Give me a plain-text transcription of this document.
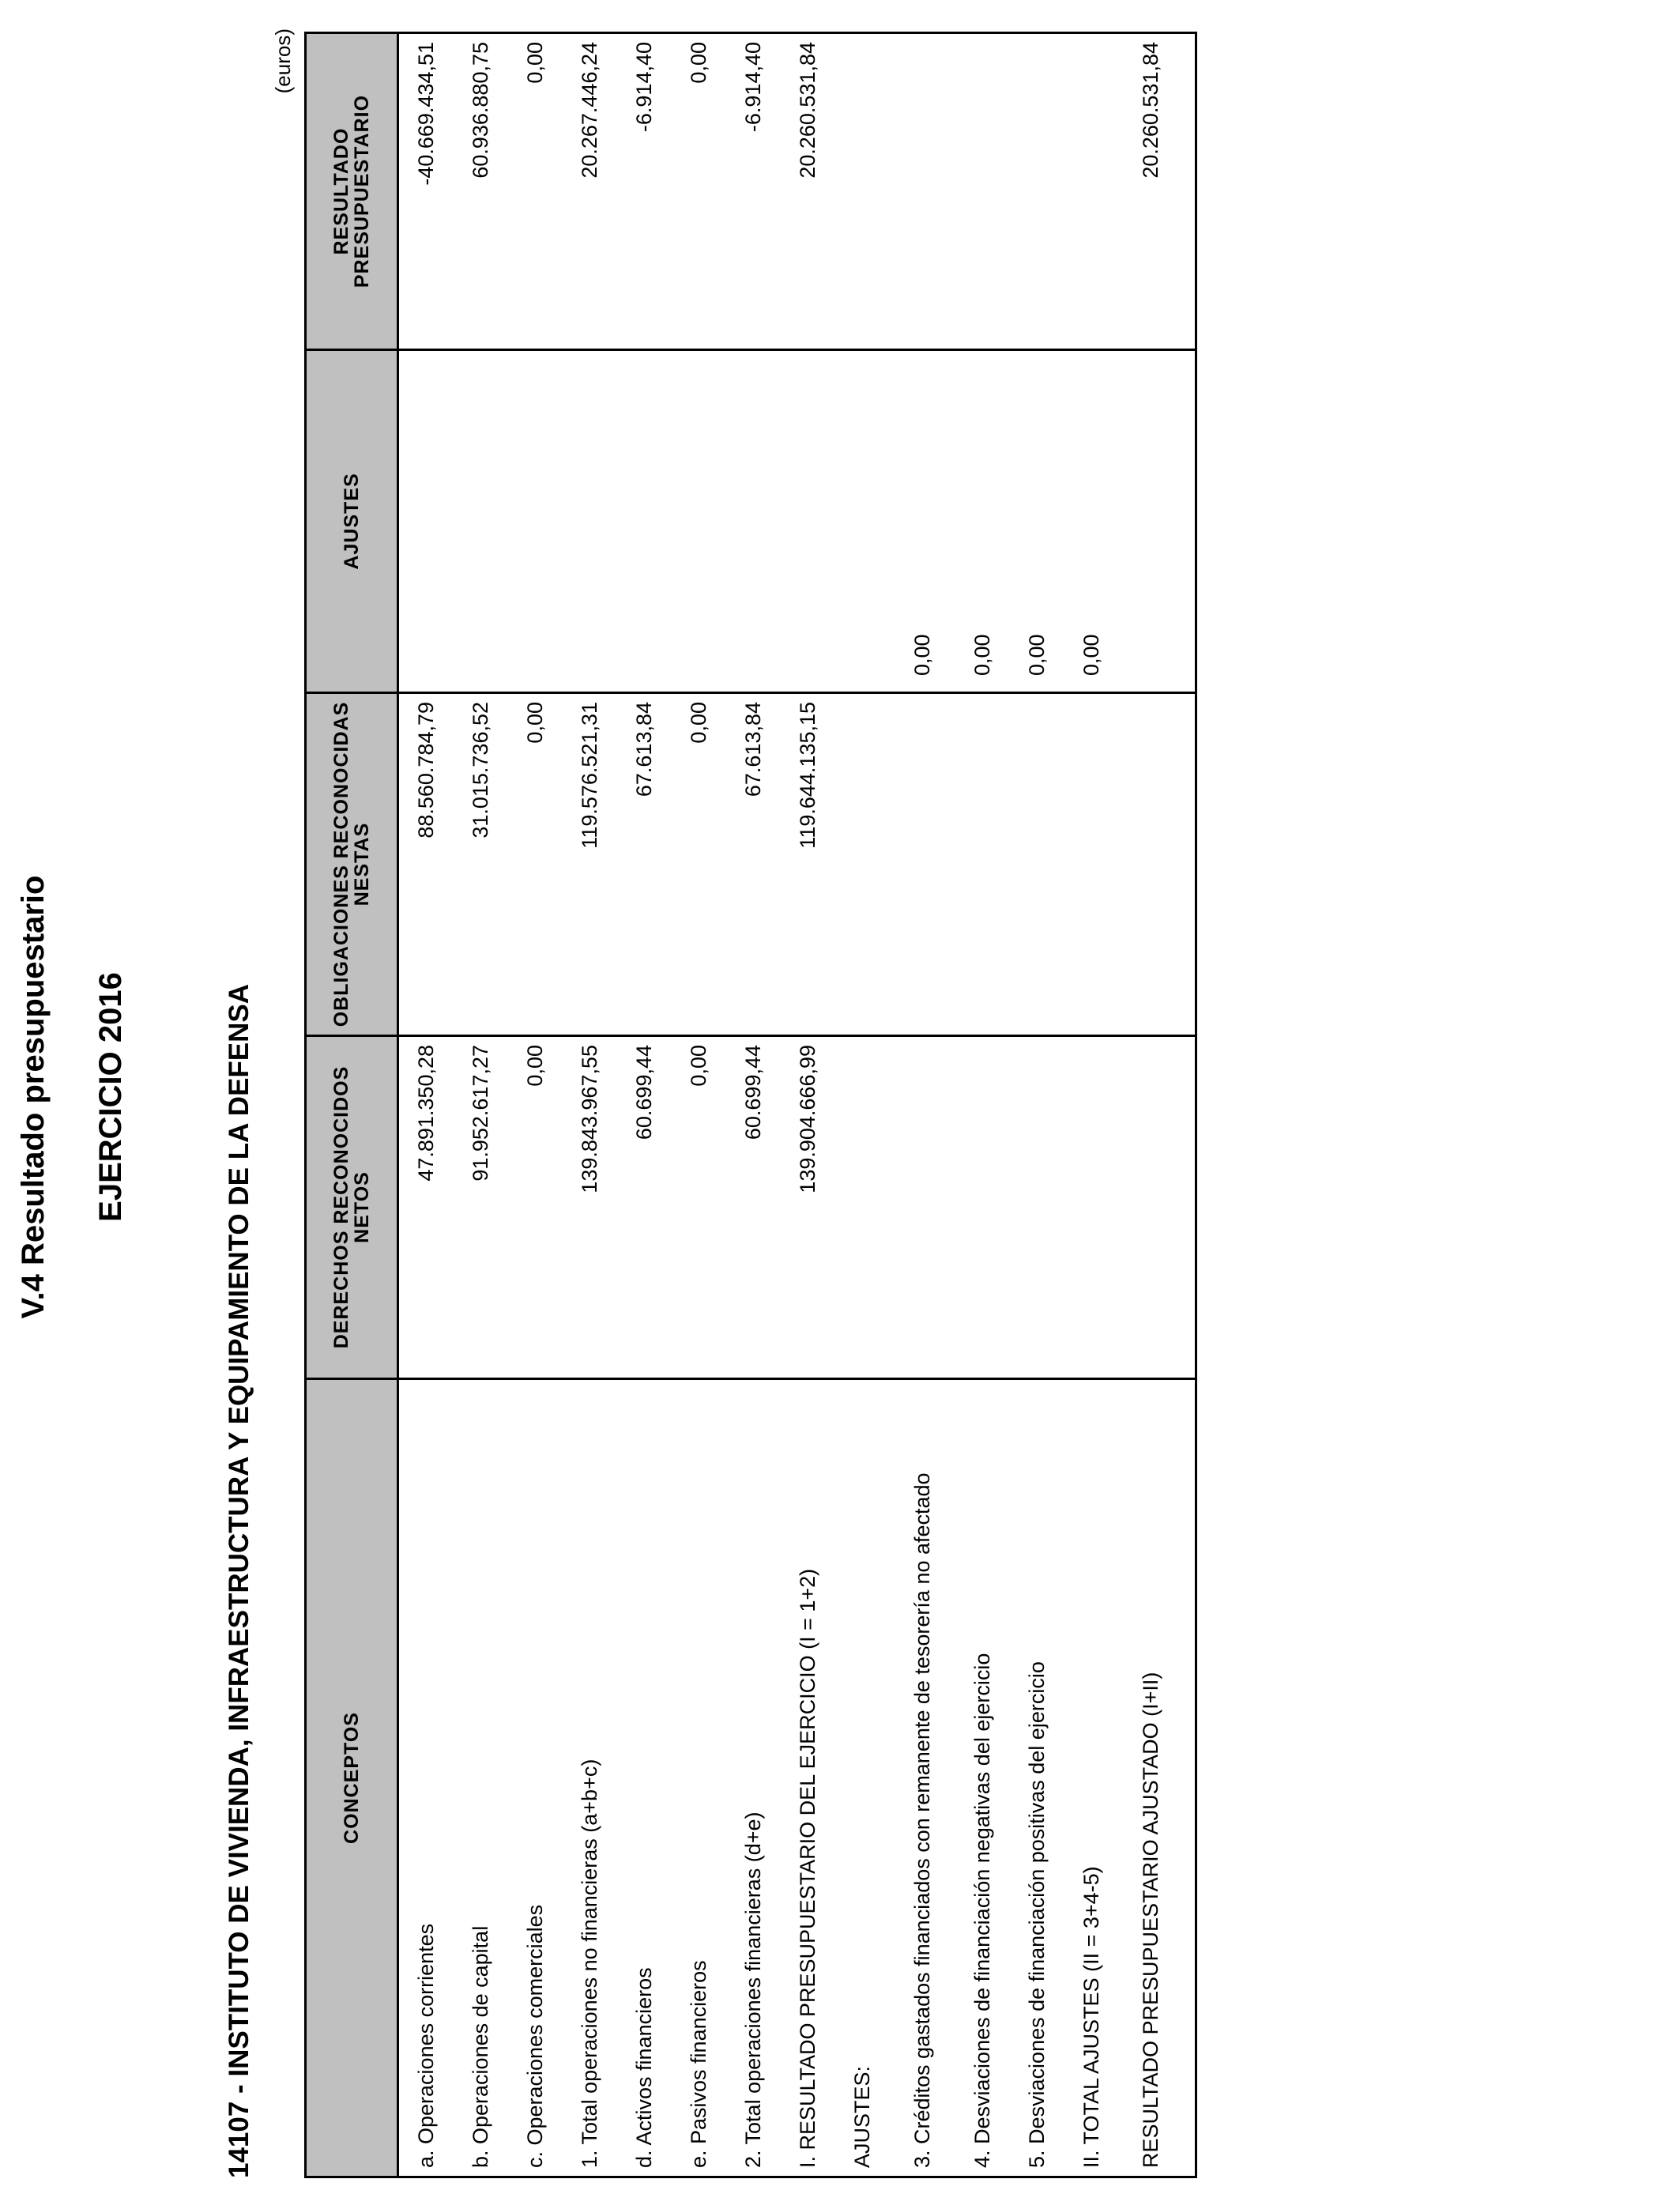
V.4 Resultado presupuestario EJERCICIO 2016	14107 - INSTITUTO DE VIVIENDA, INFRAESTRUCTURA Y EQUIPAMIENTO DE LA DEFENSA
(euros)
CONCEPTOS	DERECHOS RECONOCIDOS NETOS	OBLIGACIONES RECONOCIDAS NESTAS	AJUSTES	RESULTADO PRESUPUESTARIO
a. Operaciones corrientes	47.891.350,28	88.560.784,79		-40.669.434,51
b. Operaciones de capital	91.952.617,27	31.015.736,52		60.936.880,75
c. Operaciones comerciales	0,00	0,00		0,00
1. Total operaciones no financieras (a+b+c)	139.843.967,55	119.576.521,31		20.267.446,24
d. Activos financieros	60.699,44	67.613,84		-6.914,40
e. Pasivos financieros	0,00	0,00		0,00
2. Total operaciones financieras (d+e)	60.699,44	67.613,84		-6.914,40
I. RESULTADO PRESUPUESTARIO DEL EJERCICIO (I = 1+2)	139.904.666,99	119.644.135,15		20.260.531,84
AJUSTES:				
3. Créditos gastados financiados con remanente de tesorería no afectado			0,00	
4. Desviaciones de financiación negativas del ejercicio			0,00	
5. Desviaciones de financiación positivas del ejercicio			0,00	
II. TOTAL AJUSTES (II = 3+4-5)			0,00	
RESULTADO PRESUPUESTARIO AJUSTADO (I+II)				20.260.531,84
